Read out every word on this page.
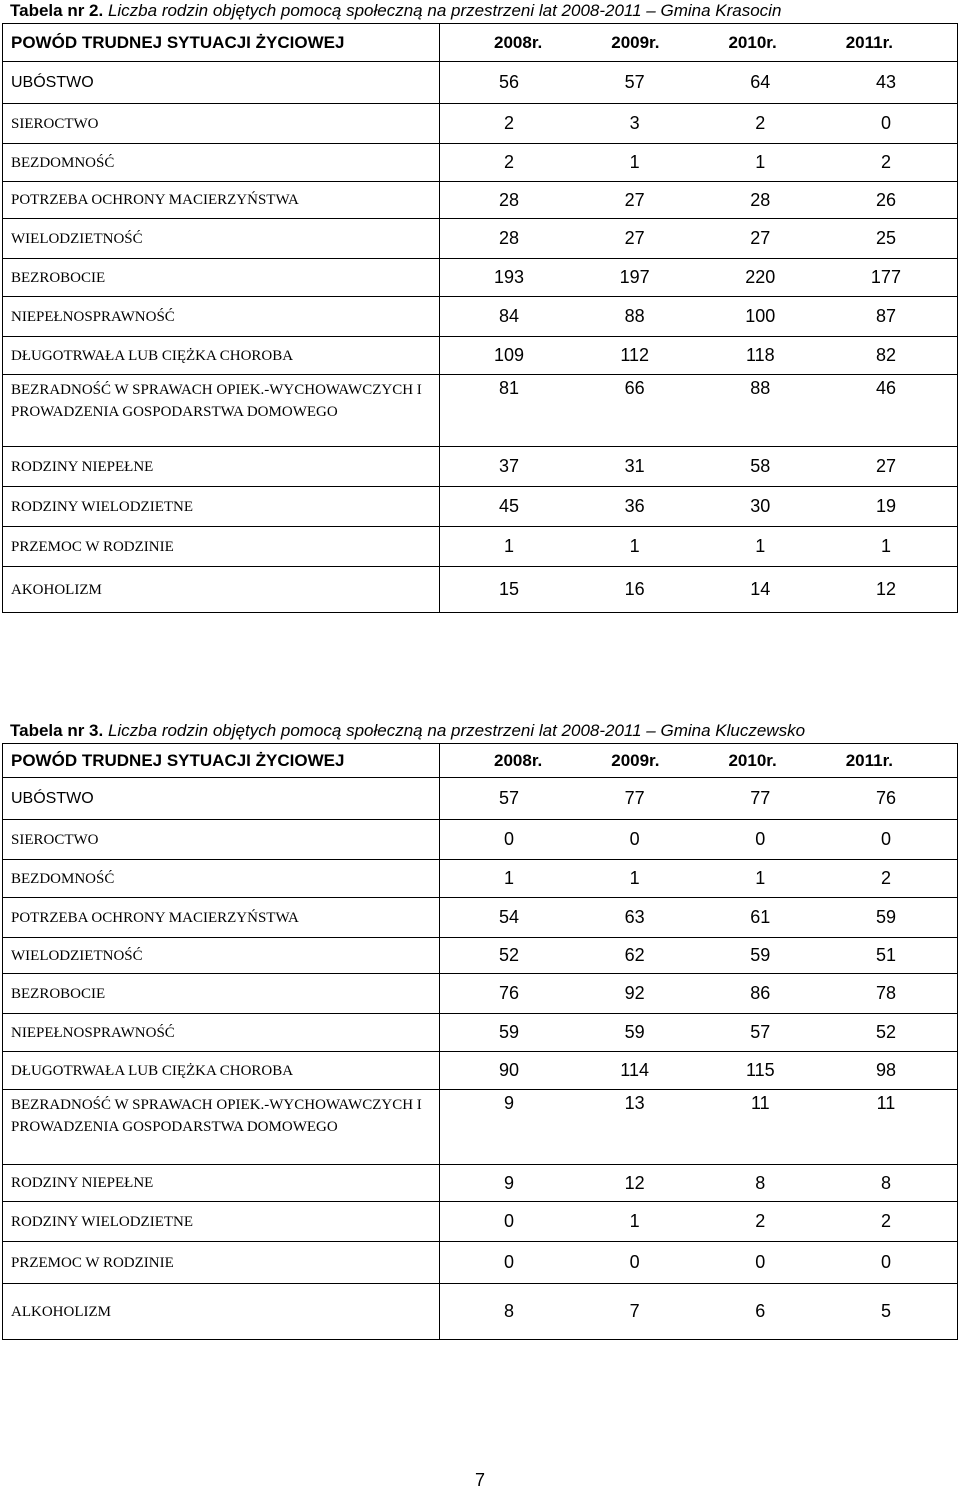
Tabela nr 2. Liczba rodzin objętych pomocą społeczną na przestrzeni lat 2008-2011 – Gmina Krasocin
POWÓD TRUDNEJ SYTUACJI ŻYCIOWEJ	2008r. 2009r. 2010r. 2011r.

UBÓSTWO	56 57 64 43

SIEROCTWO	2 3 2 0

BEZDOMNOŚĆ	2 1 1 2

POTRZEBA OCHRONY MACIERZYŃSTWA	28 27 28 26

WIELODZIETNOŚĆ	28 27 27 25

BEZROBOCIE	193 197 220 177

NIEPEŁNOSPRAWNOŚĆ	84 88 100 87

DŁUGOTRWAŁA LUB CIĘŻKA CHOROBA	109 112 118 82

BEZRADNOŚĆ W SPRAWACH OPIEK.-WYCHOWAWCZYCH I PROWADZENIA GOSPODARSTWA DOMOWEGO	81 66 88 46

RODZINY NIEPEŁNE	37 31 58 27

RODZINY WIELODZIETNE	45 36 30 19

PRZEMOC W RODZINIE	1 1 1 1

AKOHOLIZM	15 16 14 12
Tabela nr 3. Liczba rodzin objętych pomocą społeczną na przestrzeni lat 2008-2011 – Gmina Kluczewsko
POWÓD TRUDNEJ SYTUACJI ŻYCIOWEJ	2008r. 2009r. 2010r. 2011r.

UBÓSTWO	57 77 77 76

SIEROCTWO	0 0 0 0

BEZDOMNOŚĆ	1 1 1 2

POTRZEBA OCHRONY MACIERZYŃSTWA	54 63 61 59

WIELODZIETNOŚĆ	52 62 59 51

BEZROBOCIE	76 92 86 78

NIEPEŁNOSPRAWNOŚĆ	59 59 57 52

DŁUGOTRWAŁA LUB CIĘŻKA CHOROBA	90 114 115 98

BEZRADNOŚĆ W SPRAWACH OPIEK.-WYCHOWAWCZYCH I PROWADZENIA GOSPODARSTWA DOMOWEGO	9 13 11 11

RODZINY NIEPEŁNE	9 12 8 8

RODZINY WIELODZIETNE	0 1 2 2

PRZEMOC W RODZINIE	0 0 0 0

ALKOHOLIZM	8 7 6 5
7
